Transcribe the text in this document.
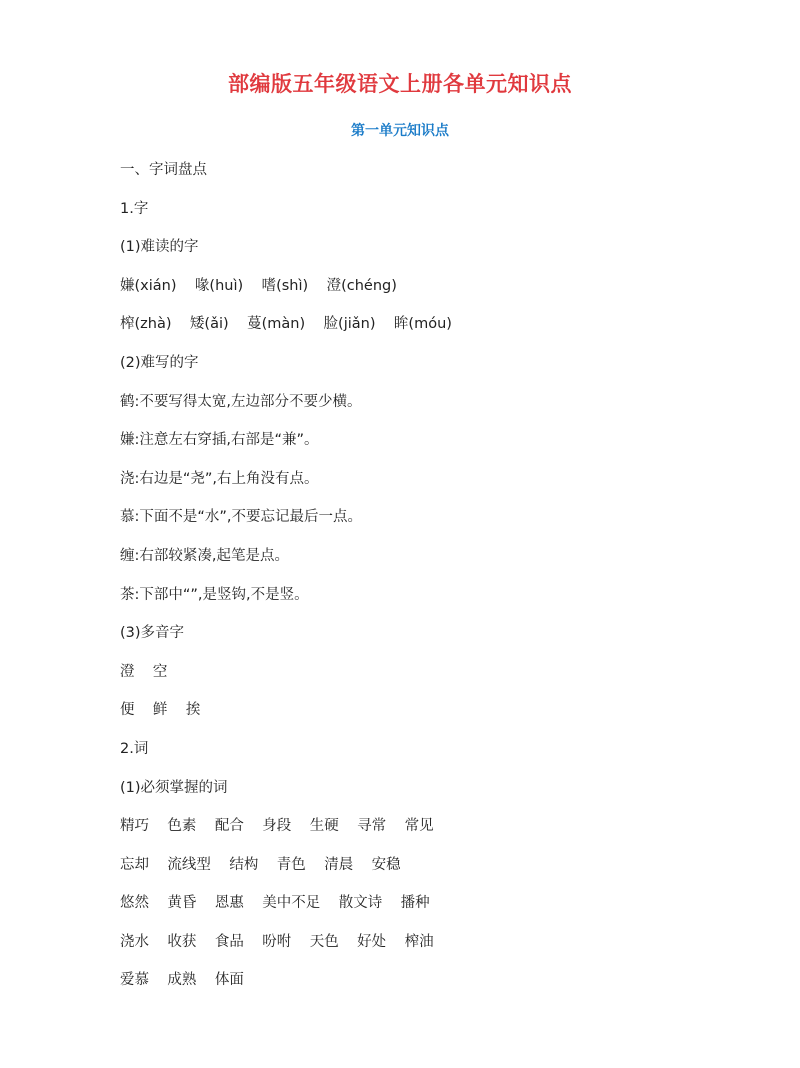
部编版五年级语文上册各单元知识点
第一单元知识点
一、字词盘点
1.字
(1)难读的字
嫌(xián)    喙(huì)    嗜(shì)    澄(chéng)
榨(zhà)    矮(ǎi)    蔓(màn)    脸(jiǎn)    眸(móu)
(2)难写的字
鹤:不要写得太宽,左边部分不要少横。
嫌:注意左右穿插,右部是“兼”。
浇:右边是“尧”,右上角没有点。
慕:下面不是“水”,不要忘记最后一点。
缠:右部较紧凑,起笔是点。
茶:下部中“”,是竖钩,不是竖。
(3)多音字
澄    空
便    鲜    挨
2.词
(1)必须掌握的词
精巧    色素    配合    身段    生硬    寻常    常见
忘却    流线型    结构    青色    清晨    安稳
悠然    黄昏    恩惠    美中不足    散文诗    播种
浇水    收获    食品    吩咐    天色    好处    榨油
爱慕    成熟    体面
